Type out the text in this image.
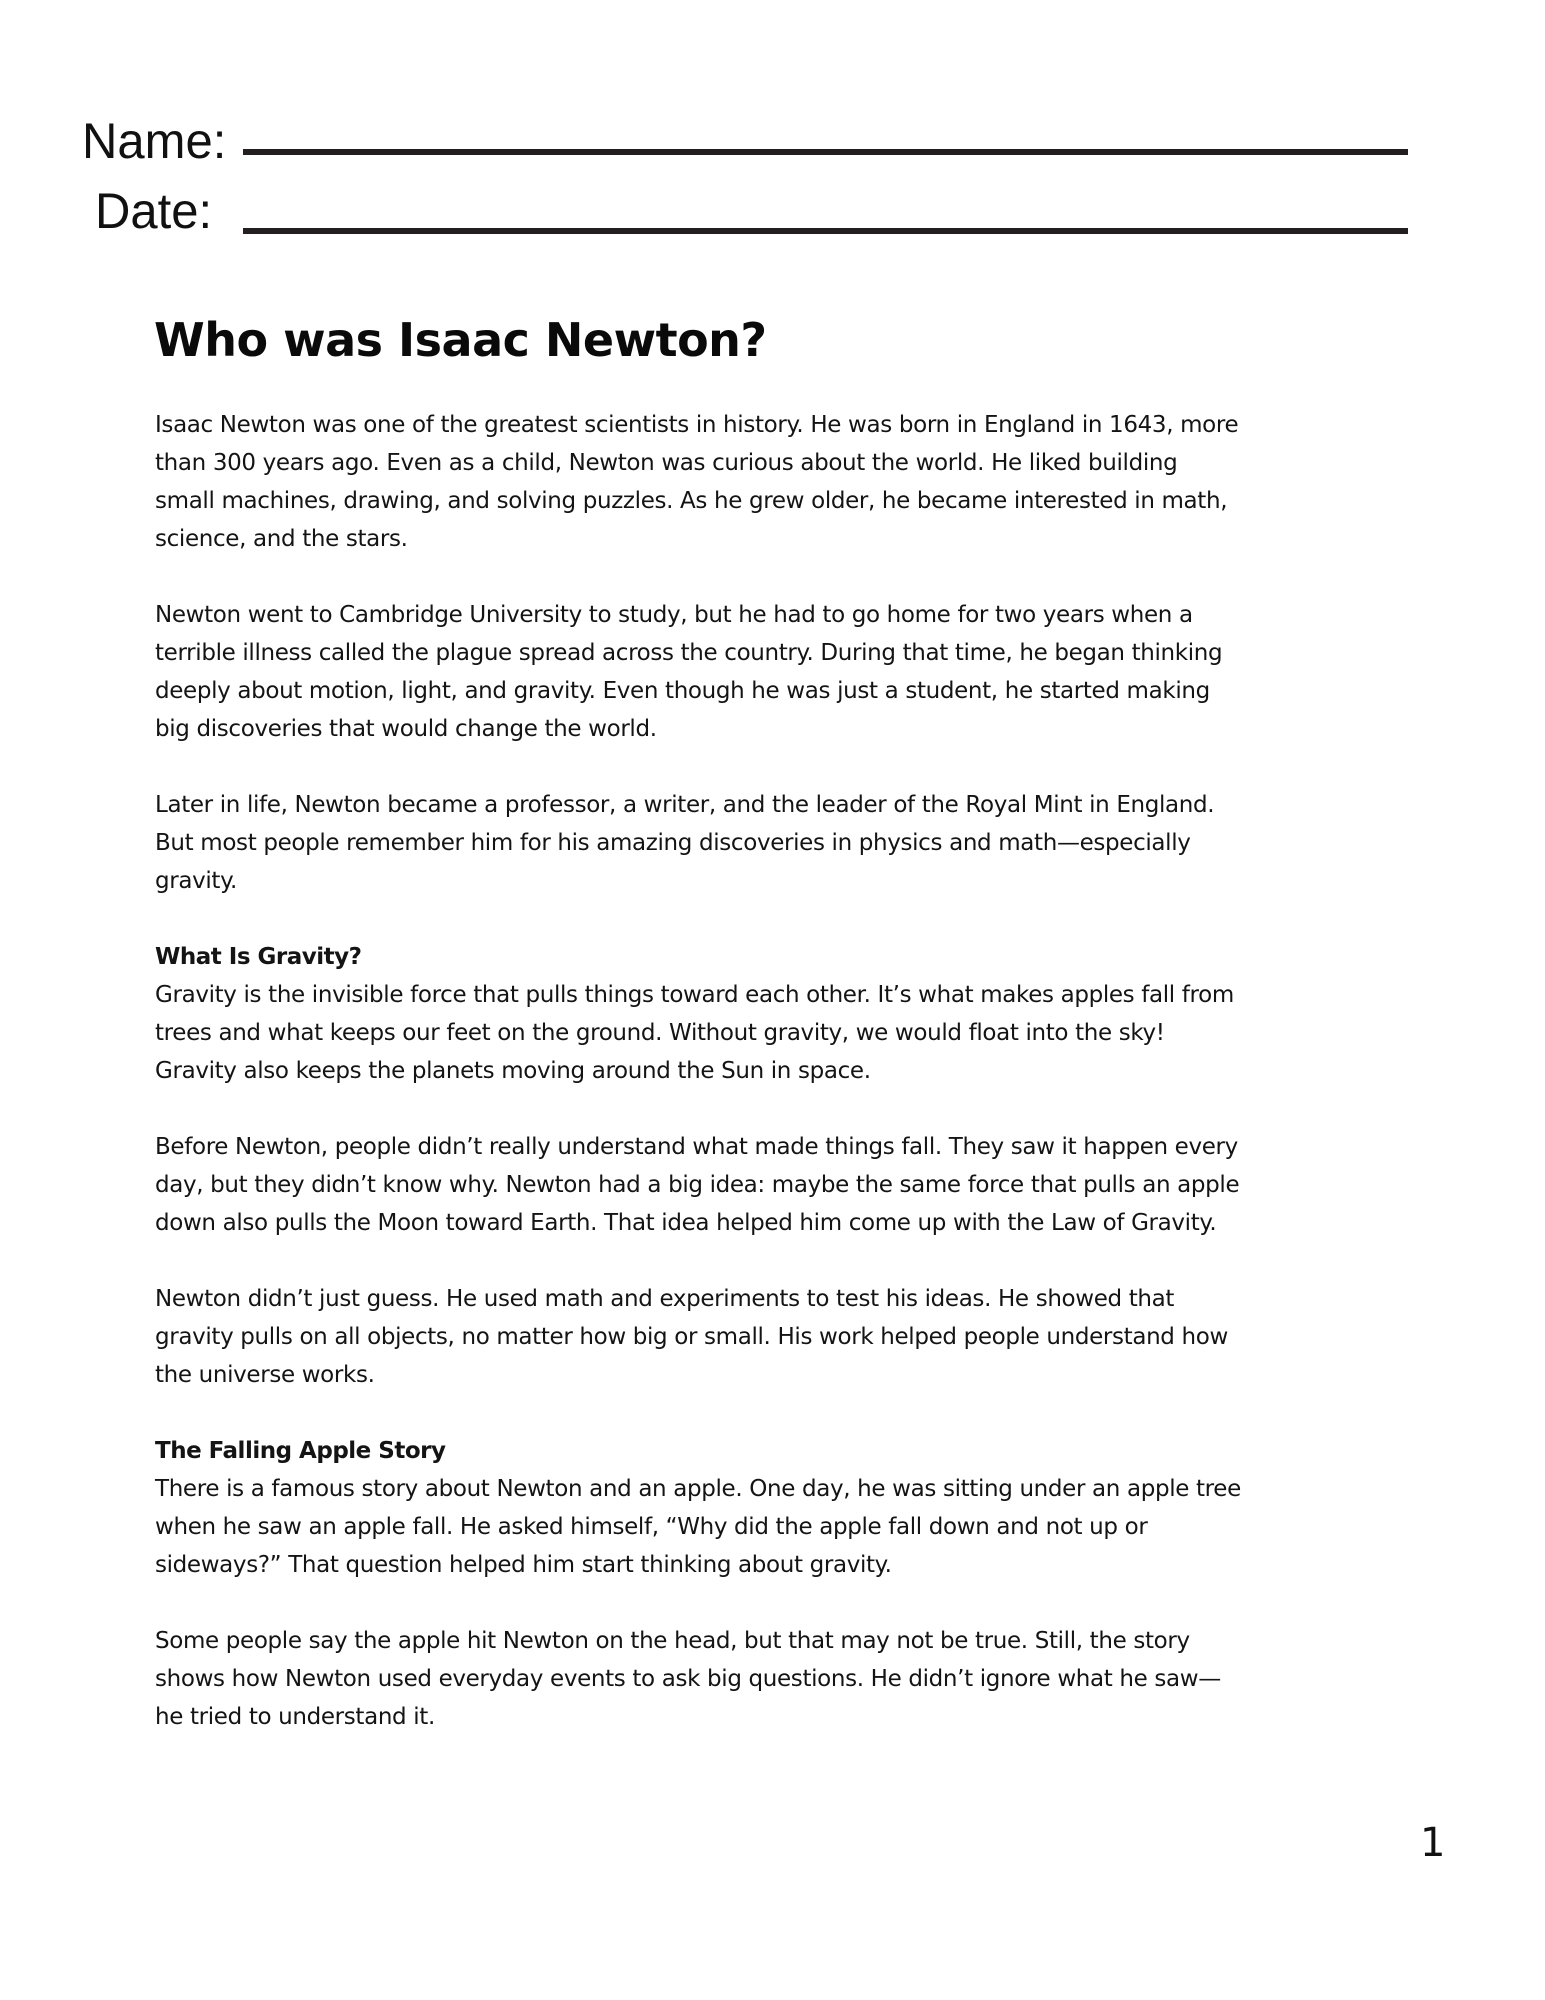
Name:
Date:
Who was Isaac Newton?
Isaac Newton was one of the greatest scientists in history. He was born in England in 1643, more
than 300 years ago. Even as a child, Newton was curious about the world. He liked building
small machines, drawing, and solving puzzles. As he grew older, he became interested in math,
science, and the stars.
Newton went to Cambridge University to study, but he had to go home for two years when a
terrible illness called the plague spread across the country. During that time, he began thinking
deeply about motion, light, and gravity. Even though he was just a student, he started making
big discoveries that would change the world.
Later in life, Newton became a professor, a writer, and the leader of the Royal Mint in England.
But most people remember him for his amazing discoveries in physics and math—especially
gravity.
What Is Gravity?
Gravity is the invisible force that pulls things toward each other. It’s what makes apples fall from
trees and what keeps our feet on the ground. Without gravity, we would float into the sky!
Gravity also keeps the planets moving around the Sun in space.
Before Newton, people didn’t really understand what made things fall. They saw it happen every
day, but they didn’t know why. Newton had a big idea: maybe the same force that pulls an apple
down also pulls the Moon toward Earth. That idea helped him come up with the Law of Gravity.
Newton didn’t just guess. He used math and experiments to test his ideas. He showed that
gravity pulls on all objects, no matter how big or small. His work helped people understand how
the universe works.
The Falling Apple Story
There is a famous story about Newton and an apple. One day, he was sitting under an apple tree
when he saw an apple fall. He asked himself, “Why did the apple fall down and not up or
sideways?” That question helped him start thinking about gravity.
Some people say the apple hit Newton on the head, but that may not be true. Still, the story
shows how Newton used everyday events to ask big questions. He didn’t ignore what he saw—
he tried to understand it.
1
